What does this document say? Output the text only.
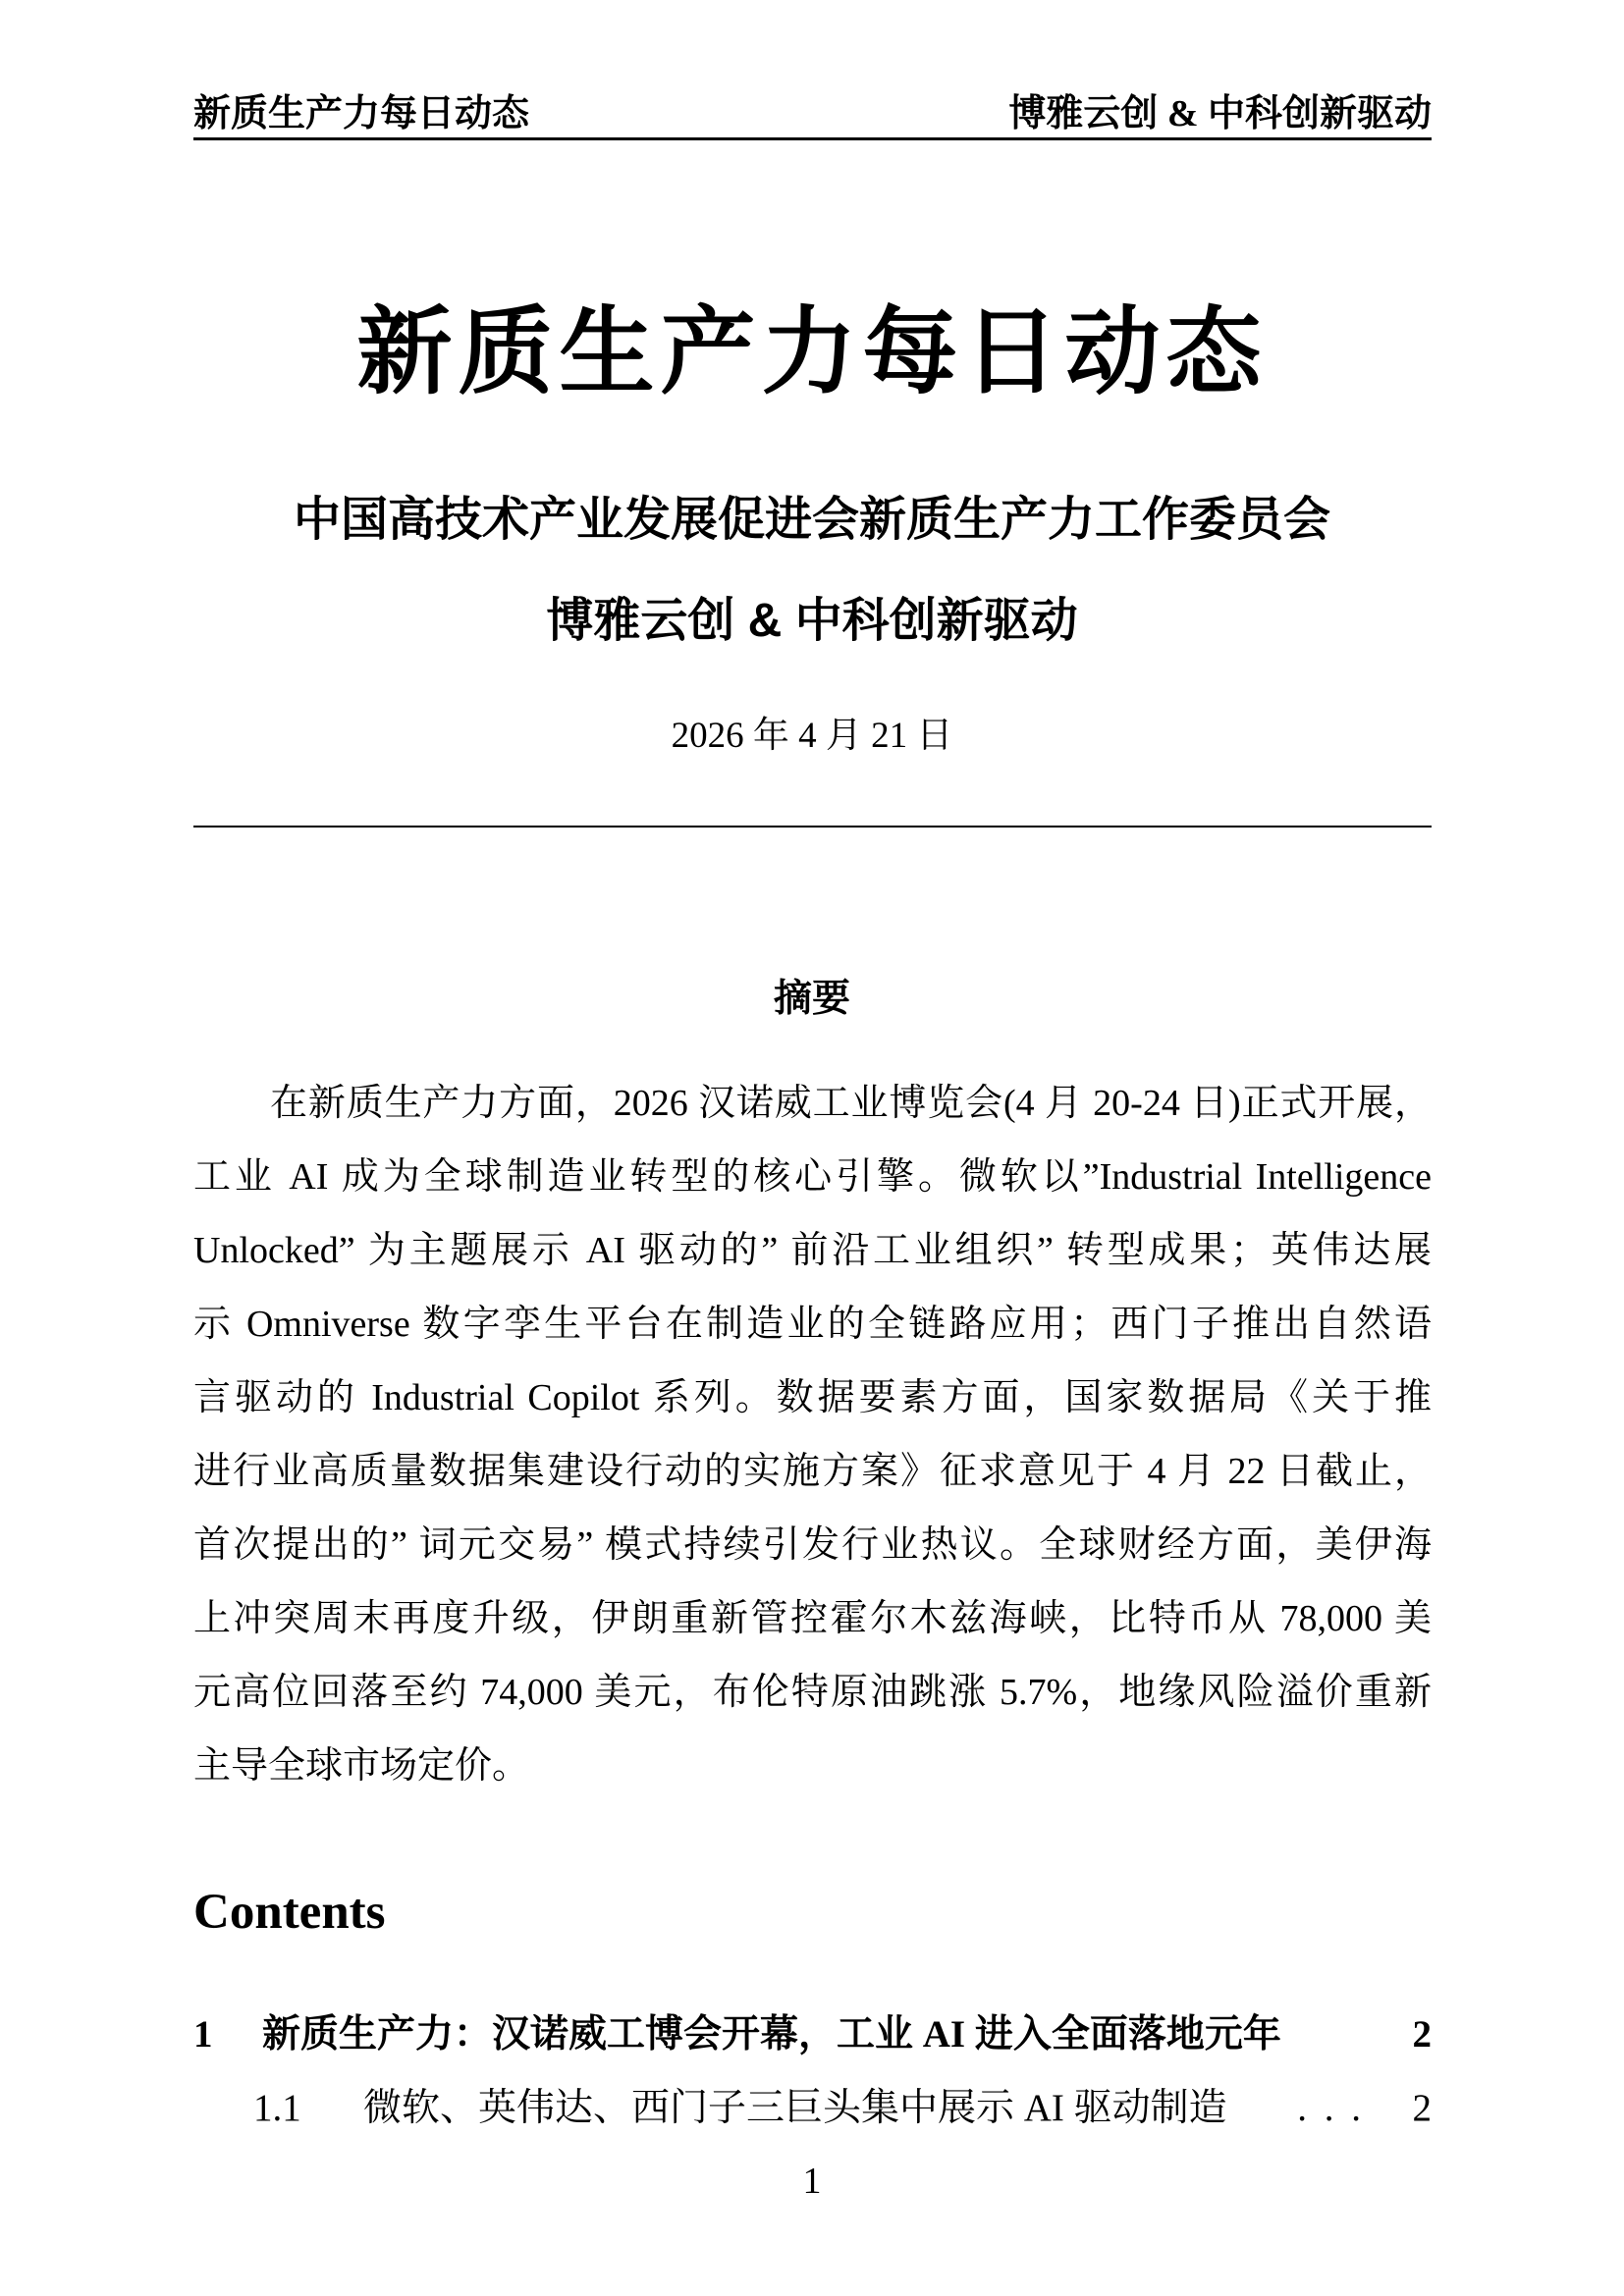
新质生产力每日动态	博雅云创 & 中科创新驱动
新质生产力每日动态
中国高技术产业发展促进会新质生产力工作委员会
博雅云创 & 中科创新驱动
2026 年 4 月 21 日
摘要
在新质生产力方面，2026 汉诺威工业博览会(4 月 20-24 日)正式开展，
工业 AI 成为全球制造业转型的核心引擎。微软以”Industrial Intelligence
Unlocked” 为主题展示 AI 驱动的” 前沿工业组织” 转型成果；英伟达展
示 Omniverse 数字孪生平台在制造业的全链路应用；西门子推出自然语
言驱动的 Industrial Copilot 系列。数据要素方面，国家数据局《关于推
进行业高质量数据集建设行动的实施方案》征求意见于 4 月 22 日截止，
首次提出的” 词元交易” 模式持续引发行业热议。全球财经方面，美伊海
上冲突周末再度升级，伊朗重新管控霍尔木兹海峡，比特币从 78,000 美
元高位回落至约 74,000 美元，布伦特原油跳涨 5.7%，地缘风险溢价重新
主导全球市场定价。
Contents
1	新质生产力：汉诺威工博会开幕，工业 AI 进入全面落地元年	2
1.1	微软、英伟达、西门子三巨头集中展示 AI 驱动制造 . . .	2
1
